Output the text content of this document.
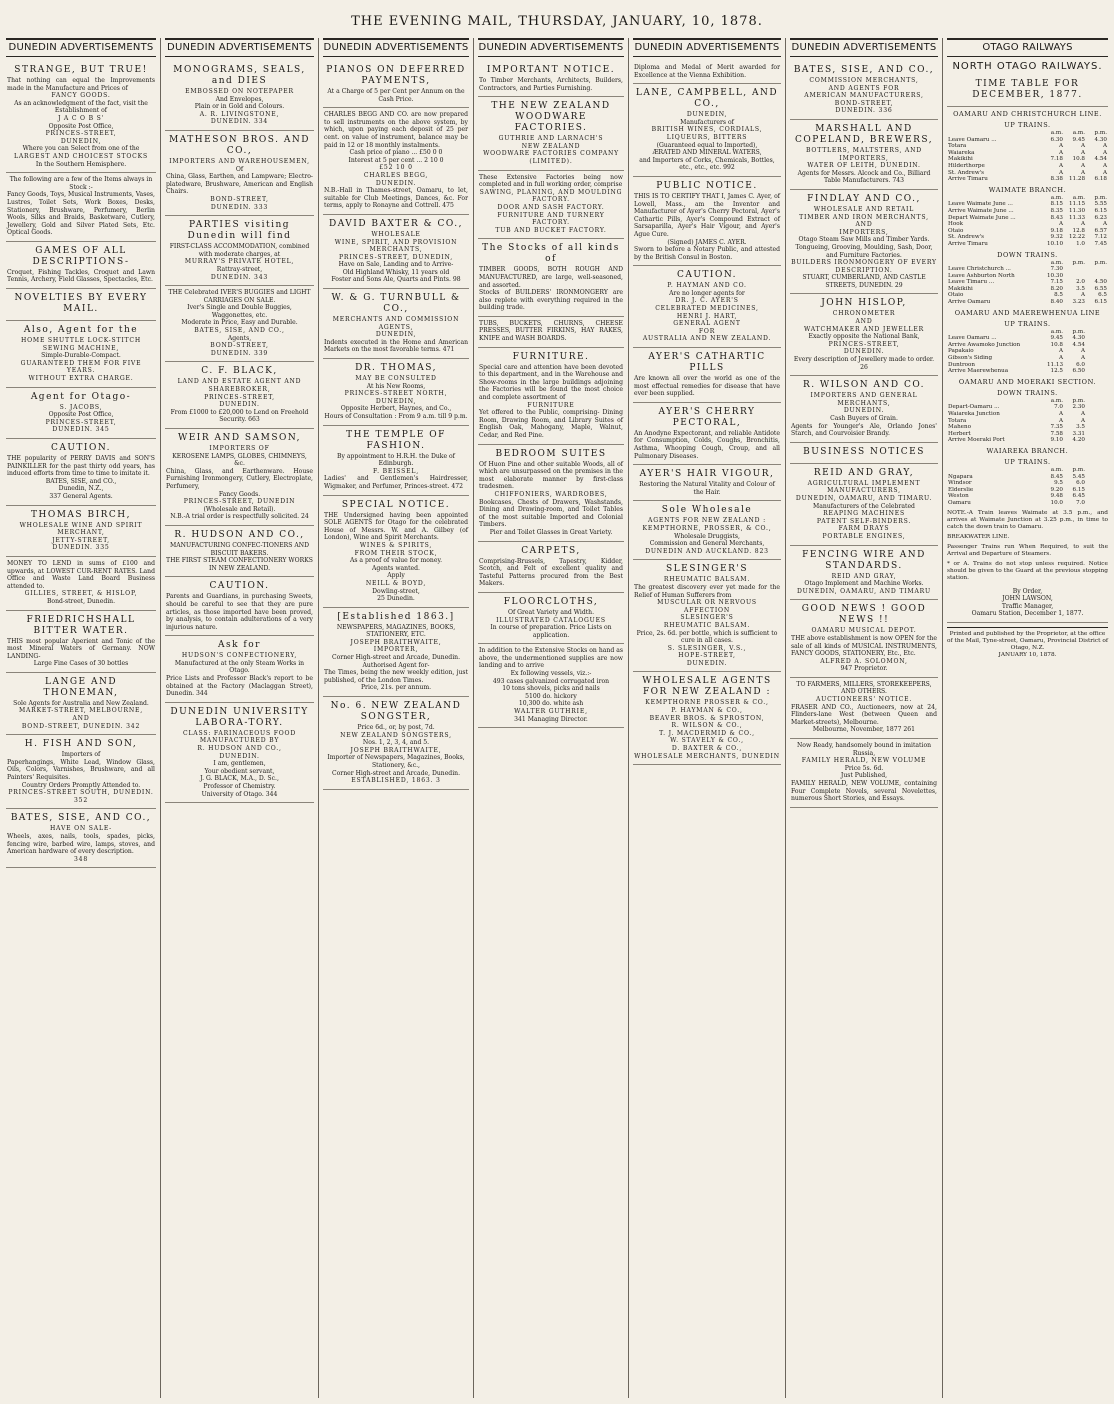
THE EVENING MAIL, THURSDAY, JANUARY, 10, 1878.
DUNEDIN ADVERTISEMENTS
STRANGE, BUT TRUE!
That nothing can equal the Improvements made in the Manufacture and Prices of
FANCY GOODS.
As an acknowledgment of the fact, visit the Establishment of
J A C O B S'
Opposite Post Office,
PRINCES-STREET,
DUNEDIN,
Where you can Select from one of the
LARGEST AND CHOICEST STOCKS
In the Southern Hemisphere.
The following are a few of the Items always in Stock :-
Fancy Goods, Toys, Musical Instruments, Vases, Lustres, Toilet Sets, Work Boxes, Desks, Stationery, Brushware, Perfumery, Berlin Wools, Silks and Braids, Basketware, Cutlery, Jewellery, Gold and Silver Plated Sets, Etc. Optical Goods.
GAMES OF ALL DESCRIPTIONS-
Croquet, Fishing Tackles, Croquet and Lawn Tennis, Archery, Field Glasses, Spectacles, Etc.
NOVELTIES BY EVERY MAIL.
Also, Agent for the
HOME SHUTTLE LOCK-STITCH SEWING MACHINE,
Simple-Durable-Compact.
GUARANTEED THEM FOR FIVE YEARS.
WITHOUT EXTRA CHARGE.
Agent for Otago-
S. JACOBS,
Opposite Post Office,
PRINCES-STREET,
DUNEDIN. 345
CAUTION.
THE popularity of PERRY DAVIS and SON'S PAINKILLER for the past thirty odd years, has induced efforts from time to time to imitate it.
BATES, SISE, and CO.,
Dunedin, N.Z.,
337 General Agents.
THOMAS BIRCH,
WHOLESALE WINE AND SPIRIT
MERCHANT,
JETTY-STREET,
DUNEDIN. 335
MONEY TO LEND in sums of £100 and upwards, at LOWEST CUR-RENT RATES. Land Office and Waste Land Board Business attended to.
GILLIES, STREET, & HISLOP,
Bond-street, Dunedin.
FRIEDRICHSHALL BITTER WATER.
THIS most popular Aperient and Tonic of the most Mineral Waters of Germany. NOW LANDING-
Large Fine Cases of 30 bottles
LANGE AND THONEMAN,
Sole Agents for Australia and New Zealand.
MARKET-STREET, MELBOURNE,
AND
BOND-STREET, DUNEDIN. 342
H. FISH AND SON,
Importers of
Paperhangings, White Lead, Window Glass, Oils, Colors, Varnishes, Brushware, and all Painters' Requisites.
Country Orders Promptly Attended to.
PRINCES-STREET SOUTH, DUNEDIN. 352
BATES, SISE, AND CO.,
HAVE ON SALE-
Wheels, axes, nails, tools, spades, picks, fencing wire, barbed wire, lamps, stoves, and American hardware of every description.
348
DUNEDIN ADVERTISEMENTS
MONOGRAMS, SEALS, and DIES
EMBOSSED ON NOTEPAPER
And Envelopes,
Plain or in Gold and Colours.
A. R. LIVINGSTONE,
DUNEDIN. 334
MATHESON BROS. AND CO.,
IMPORTERS AND WAREHOUSEMEN,
Of
China, Glass, Earthen, and Lampware; Electro-platedware, Brushware, American and English Chairs.
BOND-STREET,
DUNEDIN. 333
PARTIES visiting Dunedin will find
FIRST-CLASS ACCOMMODATION, combined with moderate charges, at
MURRAY'S PRIVATE HOTEL,
Rattray-street,
DUNEDIN. 343
THE Celebrated IVER'S BUGGIES and LIGHT CARRIAGES ON SALE.
Iver's Single and Double Buggies, Waggonettes, etc.
Moderate in Price, Easy and Durable.
BATES, SISE, AND CO.,
Agents,
BOND-STREET,
DUNEDIN. 339
C. F. BLACK,
LAND AND ESTATE AGENT AND
SHAREBROKER,
PRINCES-STREET,
DUNEDIN.
From £1000 to £20,000 to Lend on Freehold Security. 663
WEIR AND SAMSON,
IMPORTERS OF
KEROSENE LAMPS, GLOBES, CHIMNEYS, &c.
China, Glass, and Earthenware. House Furnishing Ironmongery, Cutlery, Electroplate, Perfumery,
Fancy Goods.
PRINCES-STREET, DUNEDIN
(Wholesale and Retail).
N.B.-A trial order is respectfully solicited. 24
R. HUDSON AND CO.,
MANUFACTURING CONFEC-TIONERS AND BISCUIT BAKERS.
THE FIRST STEAM CONFECTIONERY WORKS IN NEW ZEALAND.
CAUTION.
Parents and Guardians, in purchasing Sweets, should be careful to see that they are pure articles, as those imported have been proved, by analysis, to contain adulterations of a very injurious nature.
Ask for
HUDSON'S CONFECTIONERY,
Manufactured at the only Steam Works in Otago.
Price Lists and Professor Black's report to be obtained at the Factory (Maclaggan Street), Dunedin. 344
DUNEDIN UNIVERSITY LABORA-TORY.
CLASS: FARINACEOUS FOOD
MANUFACTURED BY
R. HUDSON AND CO.,
DUNEDIN.
I am, gentlemen,
Your obedient servant,
J. G. BLACK, M.A., D. Sc.,
Professor of Chemistry.
University of Otago. 344
DUNEDIN ADVERTISEMENTS
PIANOS ON DEFERRED PAYMENTS,
At a Charge of 5 per Cent per Annum on the Cash Price.
CHARLES BEGG AND CO. are now prepared to sell instruments on the above system, by which, upon paying each deposit of 25 per cent. on value of instrument, balance may be paid in 12 or 18 monthly instalments.
Cash price of piano ... £50 0 0
Interest at 5 per cent ... 2 10 0
£52 10 0
CHARLES BEGG,
DUNEDIN.
N.B.-Hall in Thames-street, Oamaru, to let, suitable for Club Meetings, Dances, &c. For terms, apply to Ronayne and Cottrell. 475
DAVID BAXTER & CO.,
WHOLESALE
WINE, SPIRIT, AND PROVISION MERCHANTS,
PRINCES-STREET, DUNEDIN,
Have on Sale, Landing and to Arrive-
Old Highland Whisky, 11 years old
Foster and Sons Ale, Quarts and Pints. 98
W. & G. TURNBULL & CO.,
MERCHANTS AND COMMISSION AGENTS,
DUNEDIN,
Indents executed in the Home and American Markets on the most favorable terms. 471
DR. THOMAS,
MAY BE CONSULTED
At his New Rooms,
PRINCES-STREET NORTH, DUNEDIN,
Opposite Herbert, Haynes, and Co.,
Hours of Consultation : From 9 a.m. till 9 p.m.
THE TEMPLE OF FASHION.
By appointment to H.R.H. the Duke of Edinburgh.
F. BEISSEL,
Ladies' and Gentlemen's Hairdresser, Wigmaker, and Perfumer, Princes-street. 472
SPECIAL NOTICE.
THE Undersigned having been appointed SOLE AGENTS for Otago for the celebrated House of Messrs. W. and A. Gilbey (of London), Wine and Spirit Merchants.
WINES & SPIRITS,
FROM THEIR STOCK,
As a proof of value for money.
Agents wanted.
Apply
NEILL & BOYD,
Dowling-street,
25 Dunedin.
[Established 1863.]
NEWSPAPERS, MAGAZINES, BOOKS, STATIONERY, ETC.
JOSEPH BRAITHWAITE,
IMPORTER,
Corner High-street and Arcade, Dunedin.
Authorised Agent for-
The Times, being the new weekly edition, just published, of the London Times.
Price, 21s. per annum.
No. 6. NEW ZEALAND SONGSTER,
Price 6d., or, by post, 7d.
NEW ZEALAND SONGSTERS,
Nos. 1, 2, 3, 4, and 5.
JOSEPH BRAITHWAITE,
Importer of Newspapers, Magazines, Books, Stationery, &c.,
Corner High-street and Arcade, Dunedin.
ESTABLISHED, 1863. 3
DUNEDIN ADVERTISEMENTS
IMPORTANT NOTICE.
To Timber Merchants, Architects, Builders, Contractors, and Parties Furnishing.
THE NEW ZEALAND WOODWARE FACTORIES.
GUTHRIE AND LARNACH'S
NEW ZEALAND
WOODWARE FACTORIES COMPANY
(LIMITED).
These Extensive Factories being now completed and in full working order, comprise
SAWING, PLANING, AND MOULDING FACTORY.
DOOR AND SASH FACTORY.
FURNITURE AND TURNERY FACTORY.
TUB AND BUCKET FACTORY.
The Stocks of all kinds of
TIMBER GOODS, BOTH ROUGH AND MANUFACTURED, are large, well-seasoned, and assorted.
Stocks of BUILDERS' IRONMONGERY are also replete with everything required in the building trade.
TUBS, BUCKETS, CHURNS, CHEESE PRESSES, BUTTER FIRKINS, HAY RAKES, KNIFE and WASH BOARDS.
FURNITURE.
Special care and attention have been devoted to this department, and in the Warehouse and Show-rooms in the large buildings adjoining the Factories will be found the most choice and complete assortment of
FURNITURE
Yet offered to the Public, comprising- Dining Room, Drawing Room, and Library Suites of English Oak, Mahogany, Maple, Walnut, Cedar, and Red Pine.
BEDROOM SUITES
Of Huon Pine and other suitable Woods, all of which are unsurpassed on the premises in the most elaborate manner by first-class tradesmen.
CHIFFONIERS, WARDROBES,
Bookcases, Chests of Drawers, Washstands, Dining and Drawing-room, and Toilet Tables of the most suitable Imported and Colonial Timbers.
Pier and Toilet Glasses in Great Variety.
CARPETS,
Comprising-Brussels, Tapestry, Kidder, Scotch, and Felt of excellent quality and Tasteful Patterns procured from the Best Makers.
FLOORCLOTHS,
Of Great Variety and Width.
ILLUSTRATED CATALOGUES
In course of preparation. Price Lists on application.
In addition to the Extensive Stocks on hand as above, the undermentioned supplies are now landing and to arrive
Ex following vessels, viz.:-
493 cases galvanized corrugated iron
10 tons shovels, picks and nails
5100 do. hickory
10,300 do. white ash
WALTER GUTHRIE,
341 Managing Director.
DUNEDIN ADVERTISEMENTS
Diploma and Medal of Merit awarded for Excellence at the Vienna Exhibition.
LANE, CAMPBELL, AND CO.,
DUNEDIN,
Manufacturers of
BRITISH WINES, CORDIALS, LIQUEURS, BITTERS
(Guaranteed equal to Imported),
ÆRATED AND MINERAL WATERS,
and Importers of Corks, Chemicals, Bottles, etc., etc., etc. 992
PUBLIC NOTICE.
THIS IS TO CERTIFY THAT I, James C. Ayer, of Lowell, Mass., am the Inventor and Manufacturer of Ayer's Cherry Pectoral, Ayer's Cathartic Pills, Ayer's Compound Extract of Sarsaparilla, Ayer's Hair Vigour, and Ayer's Ague Cure.
(Signed) JAMES C. AYER.
Sworn to before a Notary Public, and attested by the British Consul in Boston.
CAUTION.
P. HAYMAN AND CO.
Are no longer agents for
DR. J. C. AYER'S
CELEBRATED MEDICINES,
HENRI J. HART,
GENERAL AGENT
FOR
AUSTRALIA AND NEW ZEALAND.
AYER'S CATHARTIC PILLS
Are known all over the world as one of the most effectual remedies for disease that have ever been supplied.
AYER'S CHERRY PECTORAL,
An Anodyne Expectorant, and reliable Antidote for Consumption, Colds, Coughs, Bronchitis, Asthma, Whooping Cough, Croup, and all Pulmonary Diseases.
AYER'S HAIR VIGOUR,
Restoring the Natural Vitality and Colour of the Hair.
Sole Wholesale
AGENTS FOR NEW ZEALAND :
KEMPTHORNE, PROSSER, & CO.,
Wholesale Druggists,
Commission and General Merchants,
DUNEDIN AND AUCKLAND. 823
SLESINGER'S
RHEUMATIC BALSAM.
The greatest discovery ever yet made for the Relief of Human Sufferers from
MUSCULAR OR NERVOUS AFFECTION
SLESINGER'S
RHEUMATIC BALSAM.
Price, 2s. 6d. per bottle, which is sufficient to cure in all cases.
S. SLESINGER, V.S.,
HOPE-STREET,
DUNEDIN.
WHOLESALE AGENTS FOR NEW ZEALAND :
KEMPTHORNE PROSSER & CO.,
P. HAYMAN & CO.,
BEAVER BROS. & SPROSTON,
R. WILSON & CO.,
T. J. MACDERMID & CO.,
W. STAVELY & CO.,
D. BAXTER & CO.,
WHOLESALE MERCHANTS, DUNEDIN
DUNEDIN ADVERTISEMENTS
BATES, SISE, AND CO.,
COMMISSION MERCHANTS,
AND AGENTS FOR
AMERICAN MANUFACTURERS,
BOND-STREET,
DUNEDIN. 336
MARSHALL AND COPELAND, BREWERS,
BOTTLERS, MALTSTERS, AND IMPORTERS,
WATER OF LEITH, DUNEDIN.
Agents for Messrs. Alcock and Co., Billiard Table Manufacturers. 743
FINDLAY AND CO.,
WHOLESALE AND RETAIL
TIMBER AND IRON MERCHANTS,
AND
IMPORTERS,
Otago Steam Saw Mills and Timber Yards.
Tongueing, Grooving, Moulding, Sash, Door, and Furniture Factories.
BUILDERS IRONMONGERY OF EVERY DESCRIPTION.
STUART, CUMBERLAND, AND CASTLE STREETS, DUNEDIN. 29
JOHN HISLOP,
CHRONOMETER
AND
WATCHMAKER AND JEWELLER
Exactly opposite the National Bank,
PRINCES-STREET,
DUNEDIN.
Every description of Jewellery made to order. 26
R. WILSON AND CO.
IMPORTERS AND GENERAL MERCHANTS,
DUNEDIN.
Cash Buyers of Grain.
Agents for Younger's Ale, Orlando Jones' Starch, and Courvoisier Brandy.
BUSINESS NOTICES
REID AND GRAY,
AGRICULTURAL IMPLEMENT MANUFACTURERS,
DUNEDIN, OAMARU, AND TIMARU.
Manufacturers of the Celebrated
REAPING MACHINES
PATENT SELF-BINDERS.
FARM DRAYS
PORTABLE ENGINES,
FENCING WIRE AND STANDARDS.
REID AND GRAY,
Otago Implement and Machine Works.
DUNEDIN, OAMARU, AND TIMARU
GOOD NEWS ! GOOD NEWS !!
OAMARU MUSICAL DEPOT.
THE above establishment is now OPEN for the sale of all kinds of MUSICAL INSTRUMENTS, FANCY GOODS, STATIONERY, Etc., Etc.
ALFRED A. SOLOMON,
947 Proprietor.
TO FARMERS, MILLERS, STOREKEEPERS, AND OTHERS.
AUCTIONEERS' NOTICE.
FRASER AND CO., Auctioneers, now at 24, Flinders-lane West (between Queen and Market-streets), Melbourne.
Melbourne, November, 1877 261
Now Ready, handsomely bound in imitation Russia,
FAMILY HERALD, NEW VOLUME
Price 5s. 6d.
Just Published,
FAMILY HERALD, NEW VOLUME, containing Four Complete Novels, several Novelettes, numerous Short Stories, and Essays.
OTAGO RAILWAYS
NORTH OTAGO RAILWAYS.
TIME TABLE FOR DECEMBER, 1877.
OAMARU AND CHRISTCHURCH LINE.
UP TRAINS.
	a.m.	a.m.	p.m.
Leave Oamaru ...	6.30	9.45	4.30
Totara	A	A	A
Waiareka	A	A	A
Makikihi	7.18	10.8	4.54
Hilderthorpe	A	A	A
St. Andrew's	A	A	A
Arrive Timaru	8.38	11.28	6.18
WAIMATE BRANCH.
	a.m.	a.m.	p.m.
Leave Waimate June ...	8.15	11.15	5.55
Arrive Waimate June ...	8.35	11.30	6.15
Depart Waimate June ...	8.43	11.33	6.23
Hook	A	A	A
Otaio	9.18	12.8	6.57
St. Andrew's	9.32	12.22	7.12
Arrive Timaru	10.10	1.0	7.45
DOWN TRAINS.
	a.m.	p.m.	p.m.
Leave Christchurch ...	7.30		
Leave Ashburton North	10.30		
Leave Timaru ...	7.15	2.0	4.50
Makikihi	8.20	3.5	6.55
Otaio	8.5	A	6.5
Arrive Oamaru	8.40	3.23	6.15
OAMARU AND MAEREWHENUA LINE
UP TRAINS.
	a.m.	p.m.	
Leave Oamaru ...	9.45	4.30	
Arrive Awamoko Junction	10.8	4.54	
Papakaio	A	A	
Gibson's Siding	A	A	
Duntroon	11.13	6.0	
Arrive Maerewhenua	12.5	6.50	
OAMARU AND MOERAKI SECTION.
DOWN TRAINS.
	a.m.	p.m.	
Depart-Oamaru ...	7.0	2.30	
Waiareka Junction	A	A	
Totara	A	A	
Maheno	7.35	3.5	
Herbert	7.58	3.31	
Arrive Moeraki Port	9.10	4.20	
WAIAREKA BRANCH.
UP TRAINS.
	a.m.	p.m.	
Ngapara	8.45	5.45	
Windsor	9.5	6.0	
Elderslie	9.20	6.15	
Weston	9.48	6.45	
Oamaru	10.0	7.0	
NOTE.-A Train leaves Waimate at 3.5 p.m., and arrives at Waimate Junction at 3.25 p.m., in time to catch the down train to Oamaru.
BREAKWATER LINE.
Passenger Trains run When Required, to suit the Arrival and Departure of Steamers.
* or A. Trains do not stop unless required. Notice should be given to the Guard at the previous stopping station.
By Order,
JOHN LAWSON,
Traffic Manager,
Oamaru Station, December 1, 1877.
Printed and published by the Proprietor, at the office of the Mail, Tyne-street, Oamaru, Provincial District of Otago, N.Z.
JANUARY 10, 1878.
